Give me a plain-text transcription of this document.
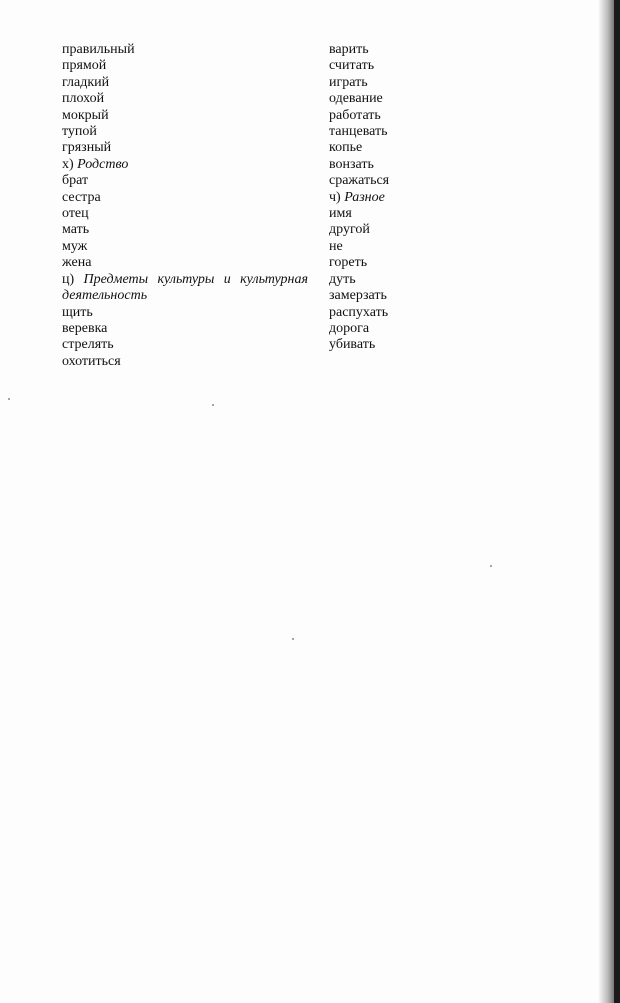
правильный
прямой
гладкий
плохой
мокрый
тупой
грязный
х) Родство
брат
сестра
отец
мать
муж
жена
ц) Предметы культуры и культурная деятельность
щить
веревка
стрелять
охотиться
варить
считать
играть
одевание
работать
танцевать
копье
вонзать
сражаться
ч) Разное
имя
другой
не
гореть
дуть
замерзать
распухать
дорога
убивать
